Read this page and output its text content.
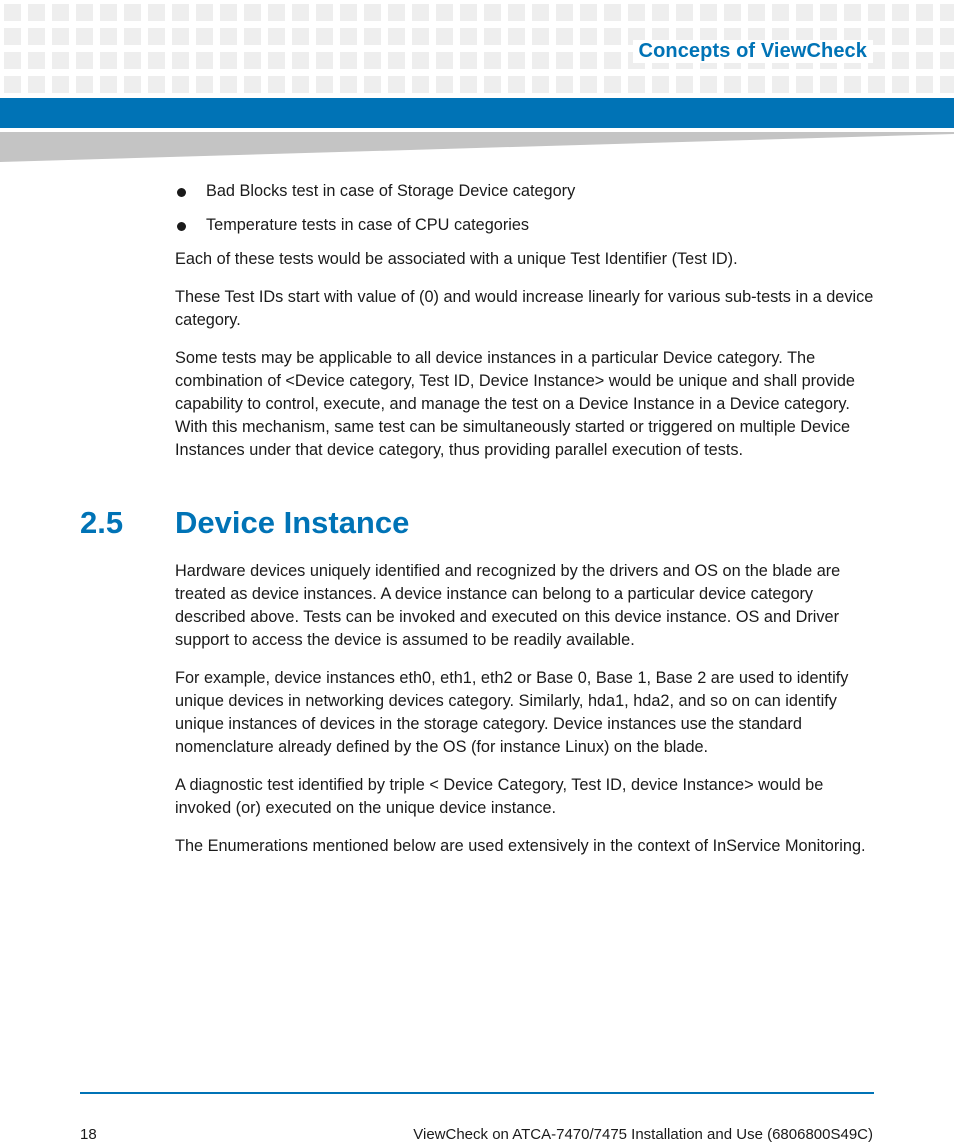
Concepts of ViewCheck
Bad Blocks test in case of Storage Device category
Temperature tests in case of CPU categories

Each of these tests would be associated with a unique Test Identifier (Test ID).

These Test IDs start with value of (0) and would increase linearly for various sub-tests in a device category.

Some tests may be applicable to all device instances in a particular Device category. The combination of <Device category, Test ID, Device Instance> would be unique and shall provide capability to control, execute, and manage the test on a Device Instance in a Device category. With this mechanism, same test can be simultaneously started or triggered on multiple Device Instances under that device category, thus providing parallel execution of tests.

2.5 Device Instance

Hardware devices uniquely identified and recognized by the drivers and OS on the blade are treated as device instances. A device instance can belong to a particular device category described above. Tests can be invoked and executed on this device instance. OS and Driver support to access the device is assumed to be readily available.

For example, device instances eth0, eth1, eth2 or Base 0, Base 1, Base 2 are used to identify unique devices in networking devices category. Similarly, hda1, hda2, and so on can identify unique instances of devices in the storage category. Device instances use the standard nomenclature already defined by the OS (for instance Linux) on the blade.

A diagnostic test identified by triple < Device Category, Test ID, device Instance> would be invoked (or) executed on the unique device instance.

The Enumerations mentioned below are used extensively in the context of InService Monitoring.

18	ViewCheck on ATCA-7470/7475 Installation and Use (6806800S49C)
